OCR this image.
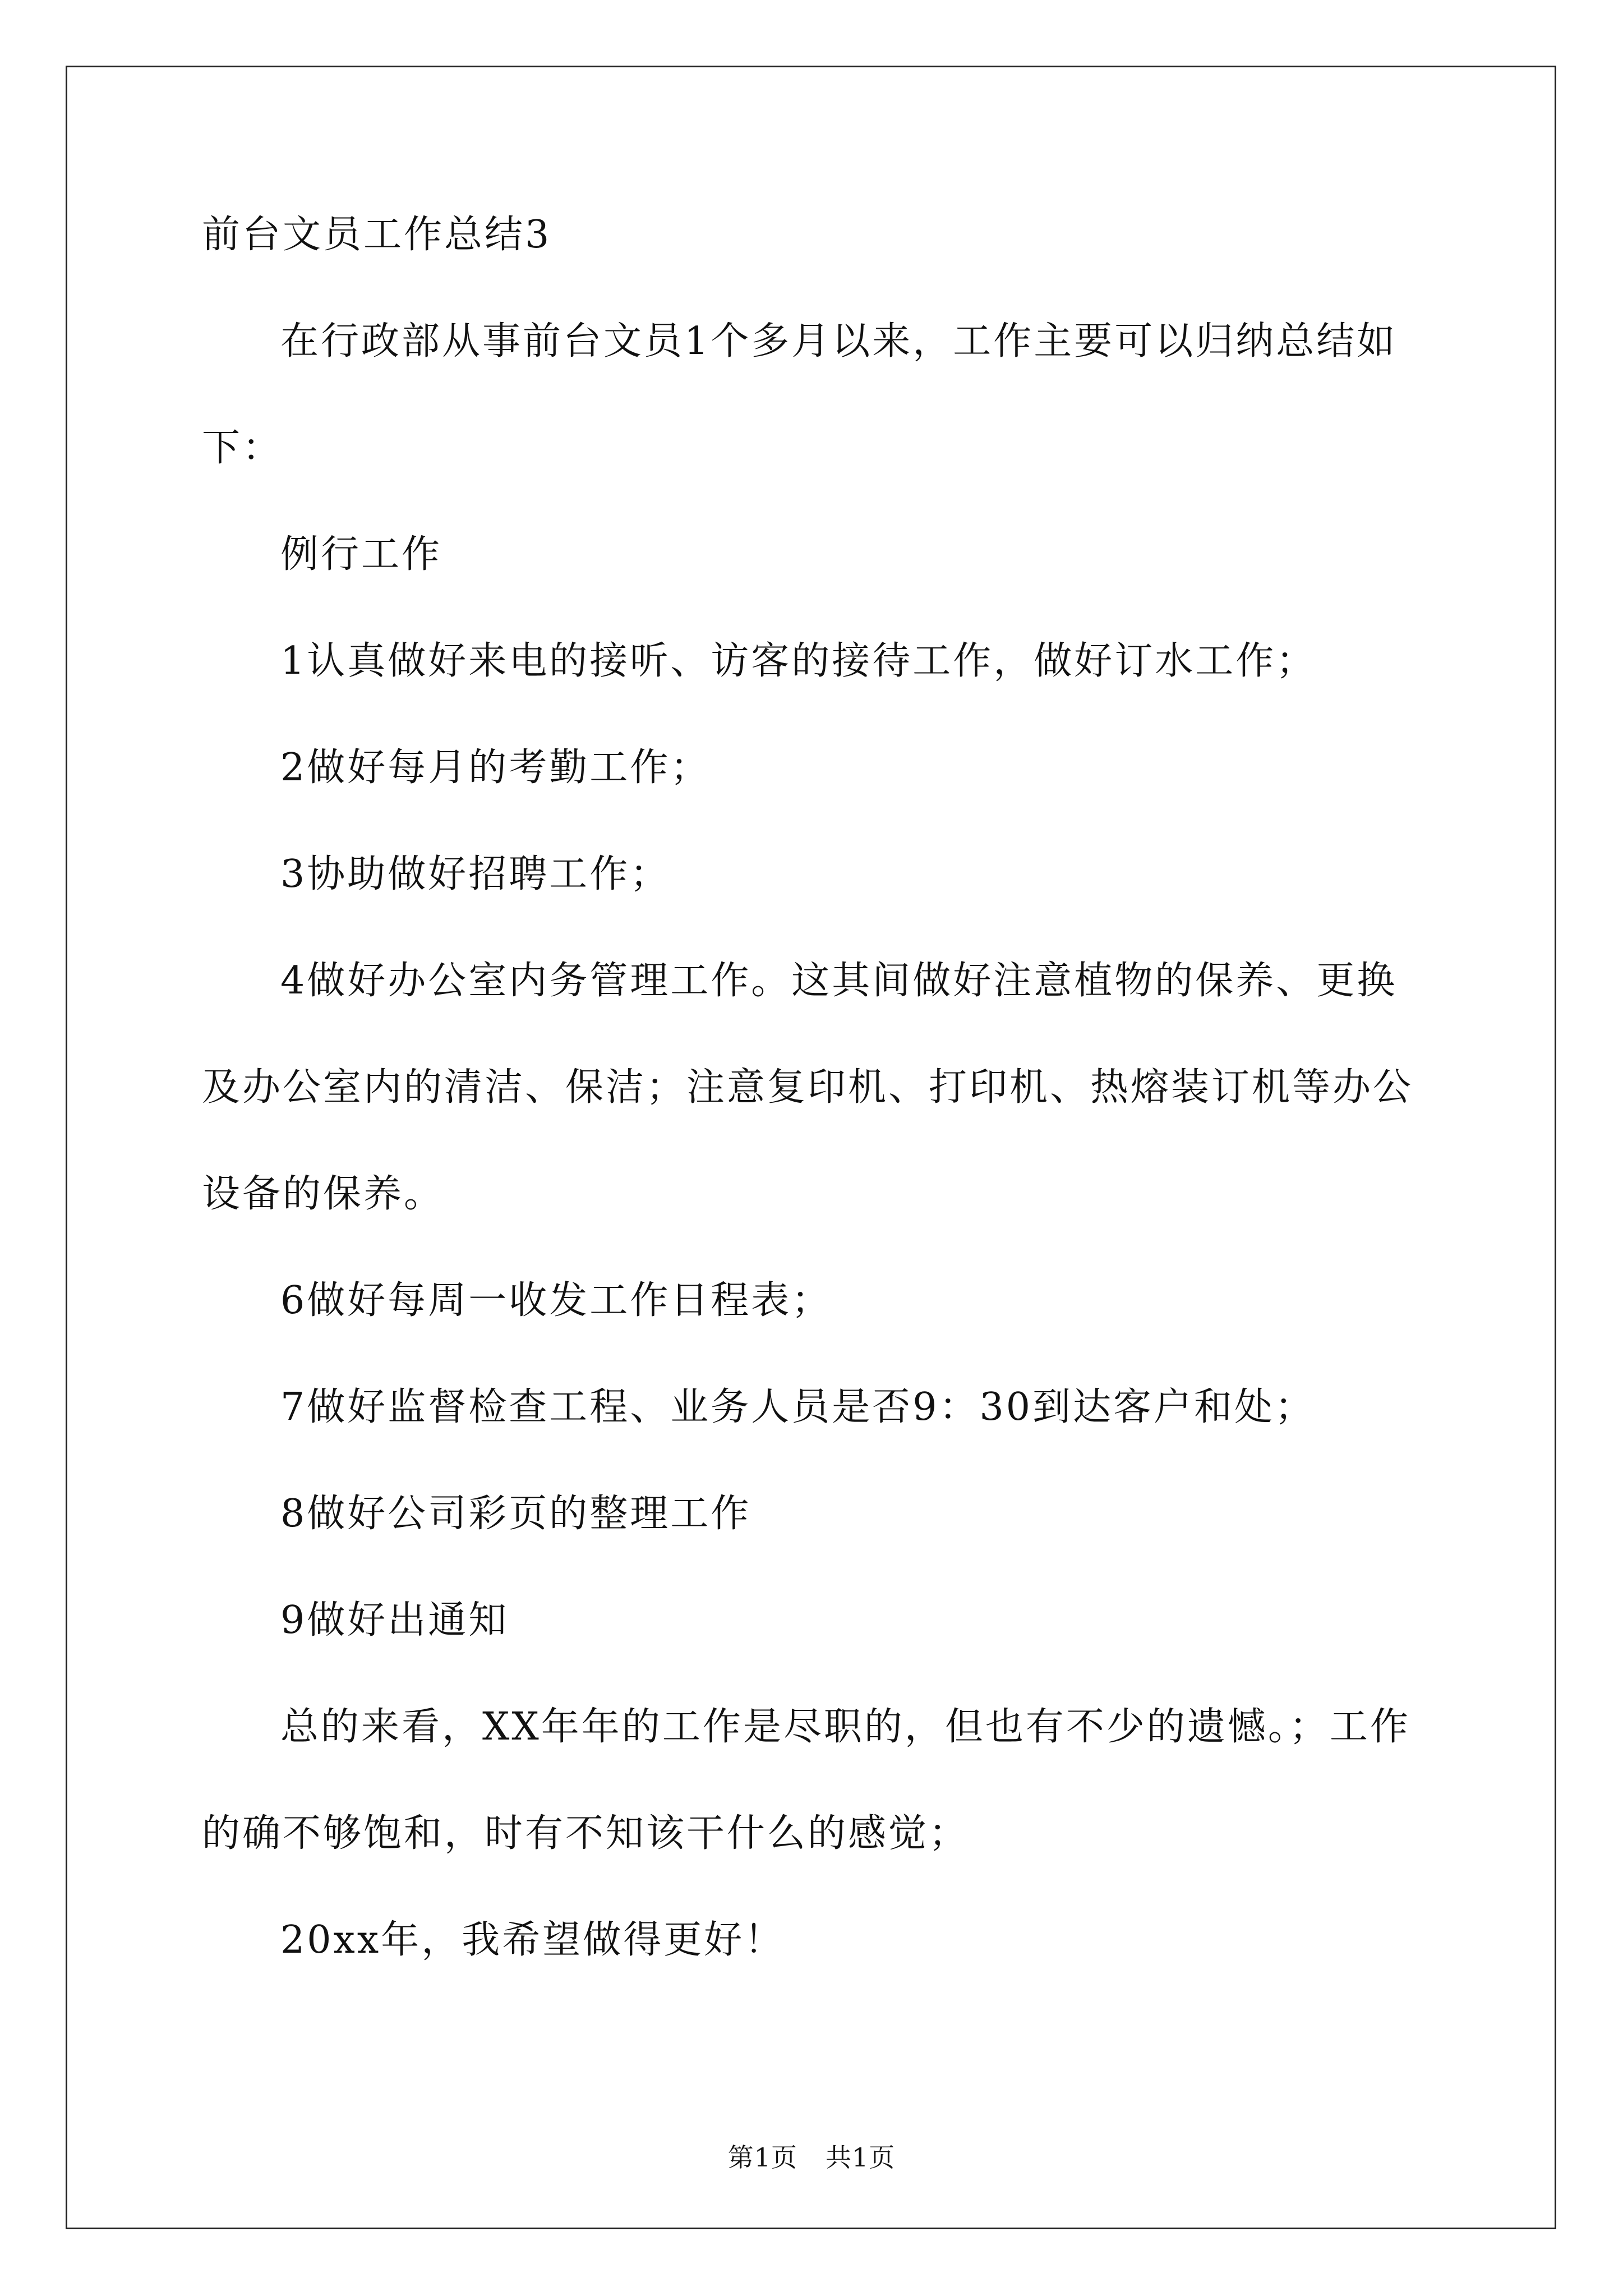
前台文员工作总结3
在行政部从事前台文员1个多月以来，工作主要可以归纳总结如
下：
例行工作
1认真做好来电的接听、访客的接待工作，做好订水工作；
2做好每月的考勤工作；
3协助做好招聘工作；
4做好办公室内务管理工作。这其间做好注意植物的保养、更换
及办公室内的清洁、保洁；注意复印机、打印机、热熔装订机等办公
设备的保养。
6做好每周一收发工作日程表；
7做好监督检查工程、业务人员是否9：30到达客户和处；
8做好公司彩页的整理工作
9做好出通知
总的来看，XX年年的工作是尽职的，但也有不少的遗憾。；工作
的确不够饱和，时有不知该干什么的感觉；
20xx年，我希望做得更好！
第1页 共1页
